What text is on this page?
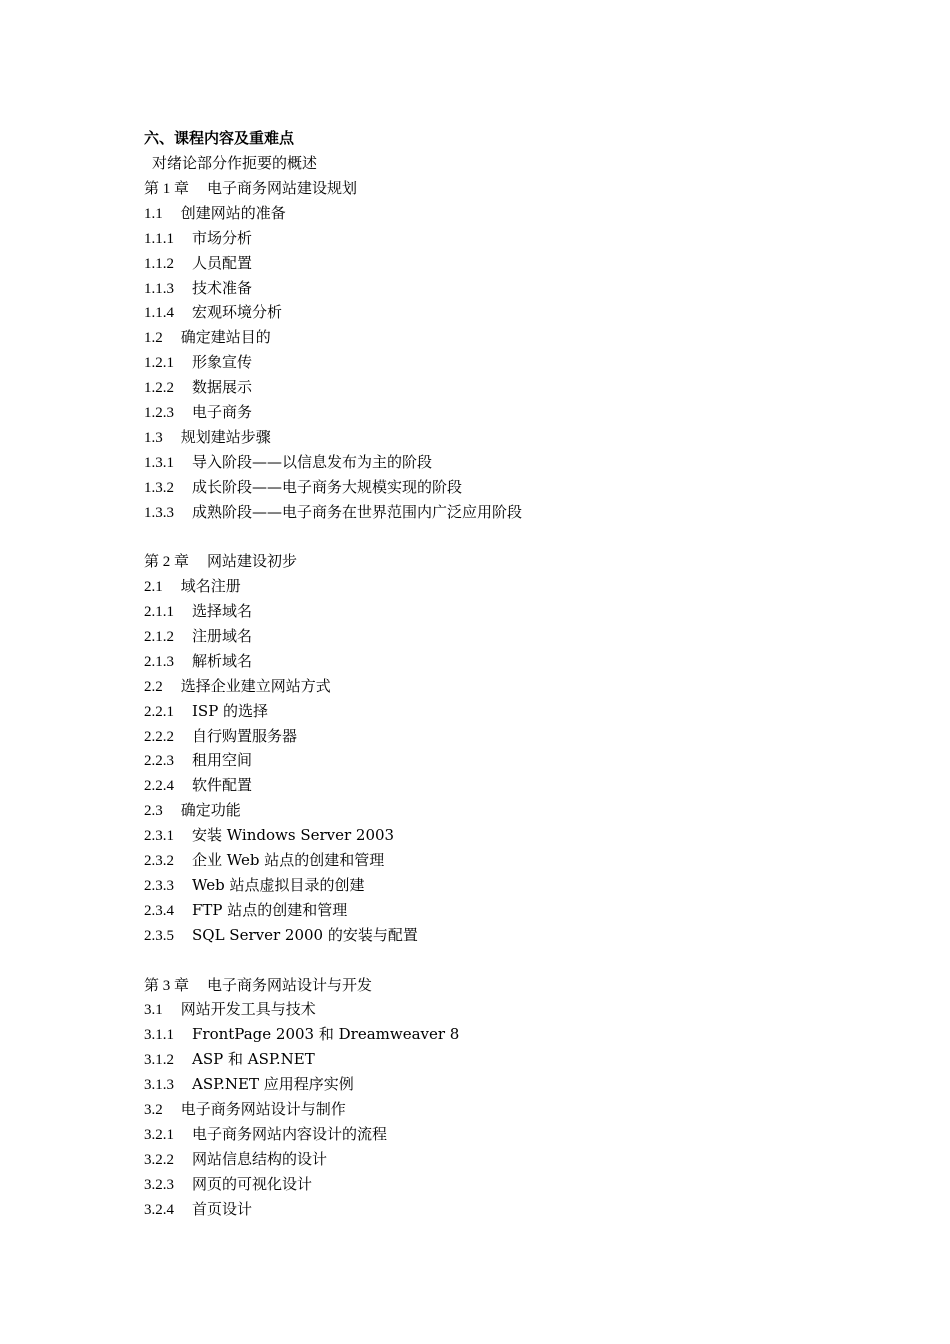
六、课程内容及重难点
对绪论部分作扼要的概述
第 1 章 电子商务网站建设规划
1.1 创建网站的准备
1.1.1 市场分析
1.1.2 人员配置
1.1.3 技术准备
1.1.4 宏观环境分析
1.2 确定建站目的
1.2.1 形象宣传
1.2.2 数据展示
1.2.3 电子商务
1.3 规划建站步骤
1.3.1 导入阶段——以信息发布为主的阶段
1.3.2 成长阶段——电子商务大规模实现的阶段
1.3.3 成熟阶段——电子商务在世界范围内广泛应用阶段
第 2 章 网站建设初步
2.1 域名注册
2.1.1 选择域名
2.1.2 注册域名
2.1.3 解析域名
2.2 选择企业建立网站方式
2.2.1 ISP 的选择
2.2.2 自行购置服务器
2.2.3 租用空间
2.2.4 软件配置
2.3 确定功能
2.3.1 安装 Windows Server 2003
2.3.2 企业 Web 站点的创建和管理
2.3.3 Web 站点虚拟目录的创建
2.3.4 FTP 站点的创建和管理
2.3.5 SQL Server 2000 的安装与配置
第 3 章 电子商务网站设计与开发
3.1 网站开发工具与技术
3.1.1 FrontPage 2003 和 Dreamweaver 8
3.1.2 ASP 和 ASP.NET
3.1.3 ASP.NET 应用程序实例
3.2 电子商务网站设计与制作
3.2.1 电子商务网站内容设计的流程
3.2.2 网站信息结构的设计
3.2.3 网页的可视化设计
3.2.4 首页设计
